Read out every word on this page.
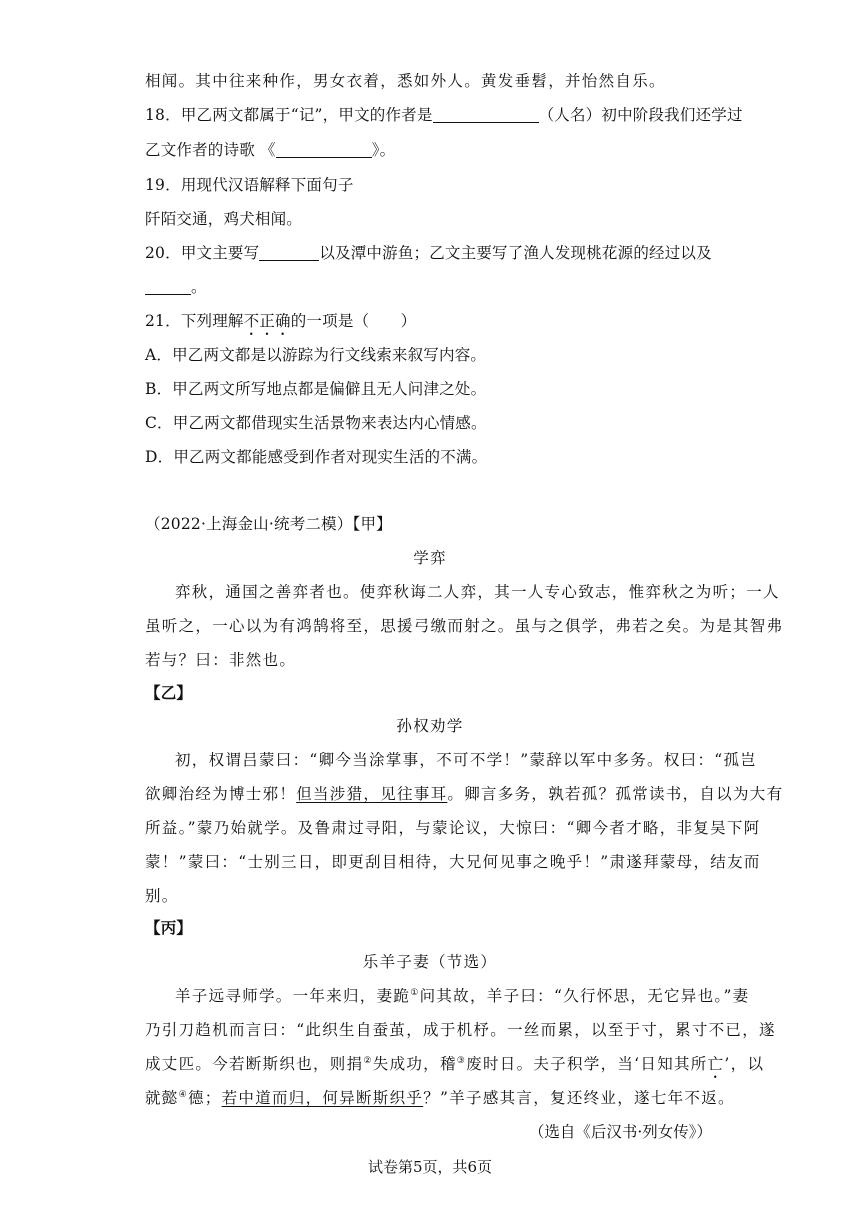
相闻。其中往来种作，男女衣着，悉如外人。黄发垂髫，并怡然自乐。
18．甲乙两文都属于“记”，甲文的作者是	（人名）初中阶段我们还学过
乙文作者的诗歌 《	》。
19．用现代汉语解释下面句子
阡陌交通，鸡犬相闻。
20．甲文主要写	以及潭中游鱼；乙文主要写了渔人发现桃花源的经过以及
。
21．下列理解不正确的一项是（　　）
A．甲乙两文都是以游踪为行文线索来叙写内容。
B．甲乙两文所写地点都是偏僻且无人问津之处。
C．甲乙两文都借现实生活景物来表达内心情感。
D．甲乙两文都能感受到作者对现实生活的不满。
（2022·上海金山·统考二模）【甲】
学弈
弈秋，通国之善弈者也。使弈秋诲二人弈，其一人专心致志，惟弈秋之为听；一人
虽听之，一心以为有鸿鹄将至，思援弓缴而射之。虽与之俱学，弗若之矣。为是其智弗
若与？曰：非然也。
【乙】
孙权劝学
初，权谓吕蒙曰：“卿今当涂掌事，不可不学！”蒙辞以军中多务。权曰：“孤岂
欲卿治经为博士邪！但当涉猎，见往事耳。卿言多务，孰若孤？孤常读书，自以为大有
所益。”蒙乃始就学。及鲁肃过寻阳，与蒙论议，大惊曰：“卿今者才略，非复吴下阿
蒙！”蒙曰：“士别三日，即更刮目相待，大兄何见事之晚乎！”肃遂拜蒙母，结友而
别。
【丙】
乐羊子妻（节选）
羊子远寻师学。一年来归，妻跪①问其故，羊子曰：“久行怀思，无它异也。”妻
乃引刀趋机而言曰：“此织生自蚕茧，成于机杼。一丝而累，以至于寸，累寸不已，遂
成丈匹。今若断斯织也，则捐②失成功，稽③废时日。夫子积学，当‘日知其所亡’，以
就懿④德；若中道而归，何异断斯织乎？”羊子感其言，复还终业，遂七年不返。
（选自《后汉书·列女传》）
试卷第5页，共6页
